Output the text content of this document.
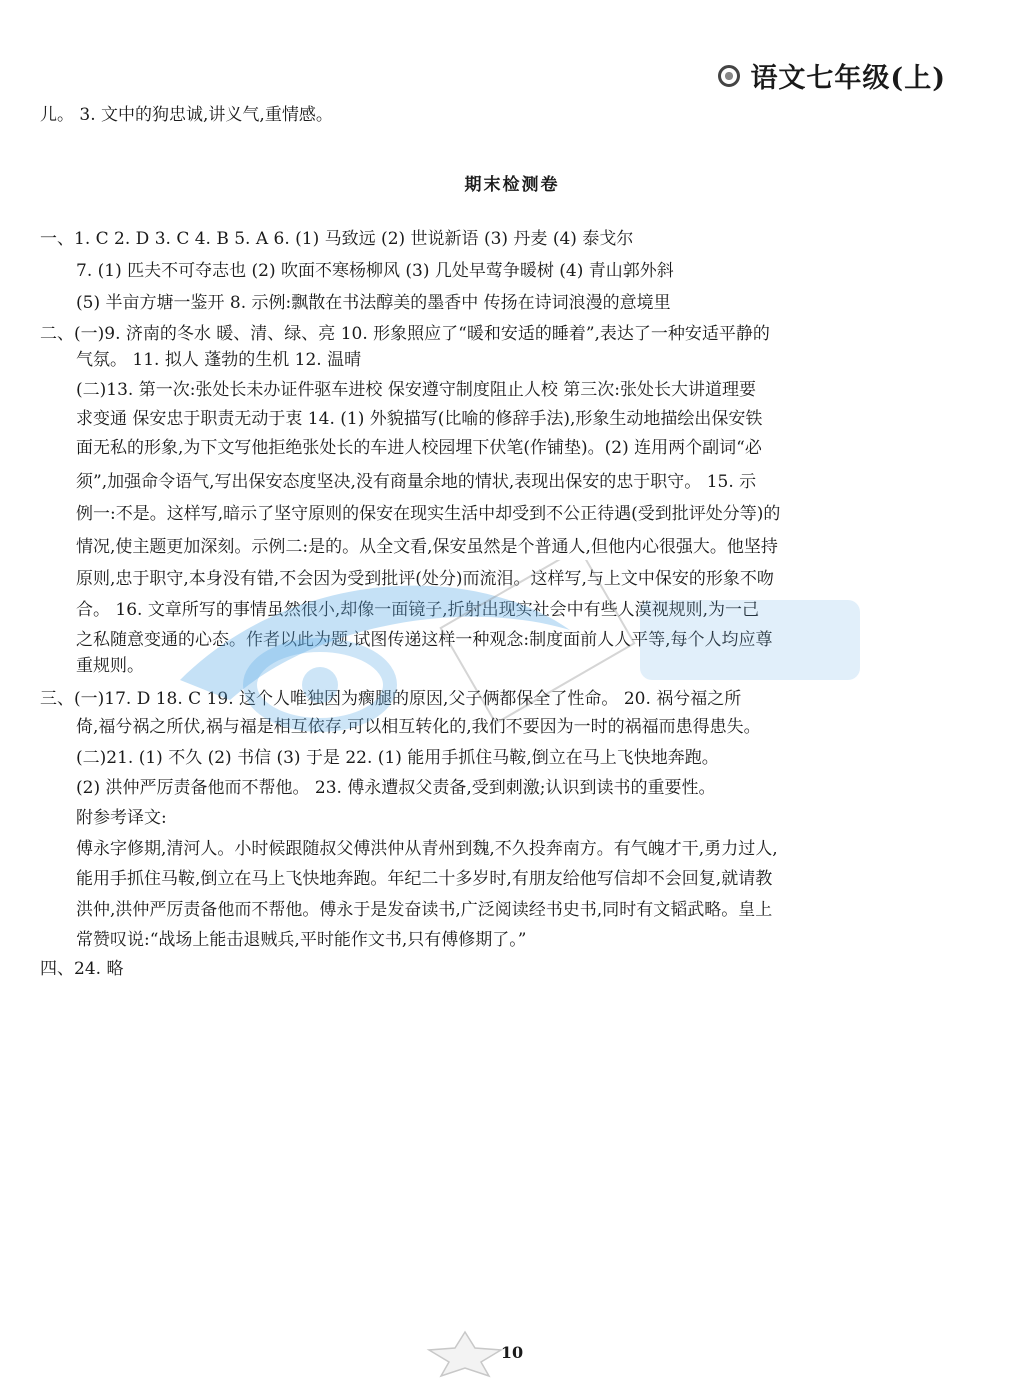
语文七年级(上)
儿。 3. 文中的狗忠诚,讲义气,重情感。
期末检测卷
一、1. C 2. D 3. C 4. B 5. A 6. (1) 马致远 (2) 世说新语 (3) 丹麦 (4) 泰戈尔
7. (1) 匹夫不可夺志也 (2) 吹面不寒杨柳风 (3) 几处早莺争暖树 (4) 青山郭外斜
(5) 半亩方塘一鉴开 8. 示例:飘散在书法醇美的墨香中 传扬在诗词浪漫的意境里
二、(一)9. 济南的冬水 暖、清、绿、亮 10. 形象照应了“暖和安适的睡着”,表达了一种安适平静的
气氛。 11. 拟人 蓬勃的生机 12. 温晴
(二)13. 第一次:张处长未办证件驱车进校 保安遵守制度阻止人校 第三次:张处长大讲道理要
求变通 保安忠于职责无动于衷 14. (1) 外貌描写(比喻的修辞手法),形象生动地描绘出保安铁
面无私的形象,为下文写他拒绝张处长的车进人校园埋下伏笔(作铺垫)。(2) 连用两个副词“必
须”,加强命令语气,写出保安态度坚决,没有商量余地的情状,表现出保安的忠于职守。 15. 示
例一:不是。这样写,暗示了坚守原则的保安在现实生活中却受到不公正待遇(受到批评处分等)的
情况,使主题更加深刻。示例二:是的。从全文看,保安虽然是个普通人,但他内心很强大。他坚持
原则,忠于职守,本身没有错,不会因为受到批评(处分)而流泪。这样写,与上文中保安的形象不吻
合。 16. 文章所写的事情虽然很小,却像一面镜子,折射出现实社会中有些人漠视规则,为一己
之私随意变通的心态。作者以此为题,试图传递这样一种观念:制度面前人人平等,每个人均应尊
重规则。
三、(一)17. D 18. C 19. 这个人唯独因为瘸腿的原因,父子俩都保全了性命。 20. 祸兮福之所
倚,福兮祸之所伏,祸与福是相互依存,可以相互转化的,我们不要因为一时的祸福而患得患失。
(二)21. (1) 不久 (2) 书信 (3) 于是 22. (1) 能用手抓住马鞍,倒立在马上飞快地奔跑。
(2) 洪仲严厉责备他而不帮他。 23. 傅永遭叔父责备,受到刺激;认识到读书的重要性。
附参考译文:
傅永字修期,清河人。小时候跟随叔父傅洪仲从青州到魏,不久投奔南方。有气魄才干,勇力过人,
能用手抓住马鞍,倒立在马上飞快地奔跑。年纪二十多岁时,有朋友给他写信却不会回复,就请教
洪仲,洪仲严厉责备他而不帮他。傅永于是发奋读书,广泛阅读经书史书,同时有文韬武略。皇上
常赞叹说:“战场上能击退贼兵,平时能作文书,只有傅修期了。”
四、24. 略
10
